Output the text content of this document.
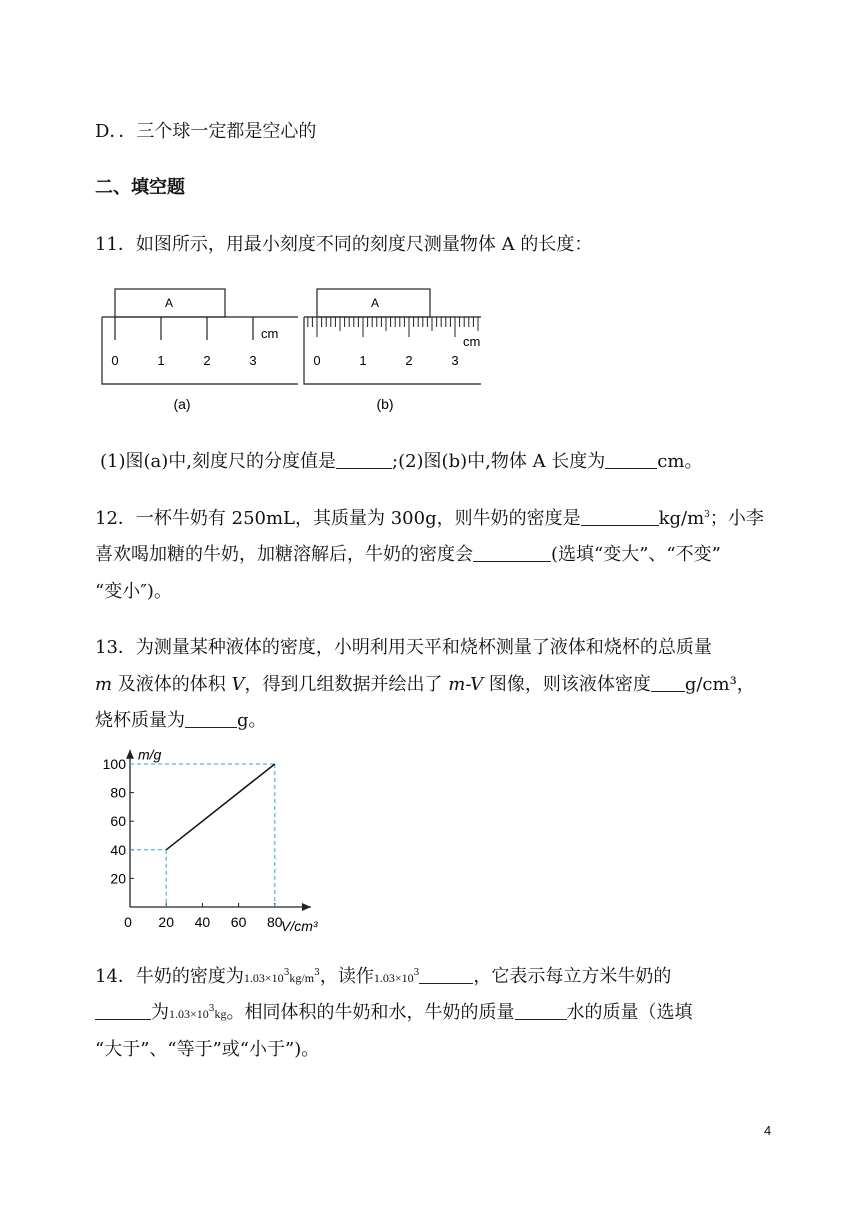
D．．三个球一定都是空心的
二、填空题
11．如图所示，用最小刻度不同的刻度尺测量物体 A 的长度：
A
0	1	2	3
cm
(a)
A
0	1	2	3
cm
(b)
(1)图(a)中,刻度尺的分度值是	;(2)图(b)中,物体 A 长度为	cm。
12．一杯牛奶有 250mL，其质量为 300g，则牛奶的密度是	$kg/m^3$；小李
喜欢喝加糖的牛奶，加糖溶解后，牛奶的密度会	(选填“变大”、“不变”
“变小″)。
13．为测量某种液体的密度，小明利用天平和烧杯测量了液体和烧杯的总质量
m 及液体的体积 V，得到几组数据并绘出了 m-V 图像，则该液体密度 g/cm³，
烧杯质量为	g。
0 20 40 60 80
20
40
60
80
100
m/g
V/cm³
14．牛奶的密度为$1.03\times 10^3kg/m^3$，读作$1.03\times 10^3$	，它表示每立方米牛奶的
为$1.03\times 10^3kg$。相同体积的牛奶和水，牛奶的质量	水的质量（选填
“大于”、“等于”或“小于”)。
4
